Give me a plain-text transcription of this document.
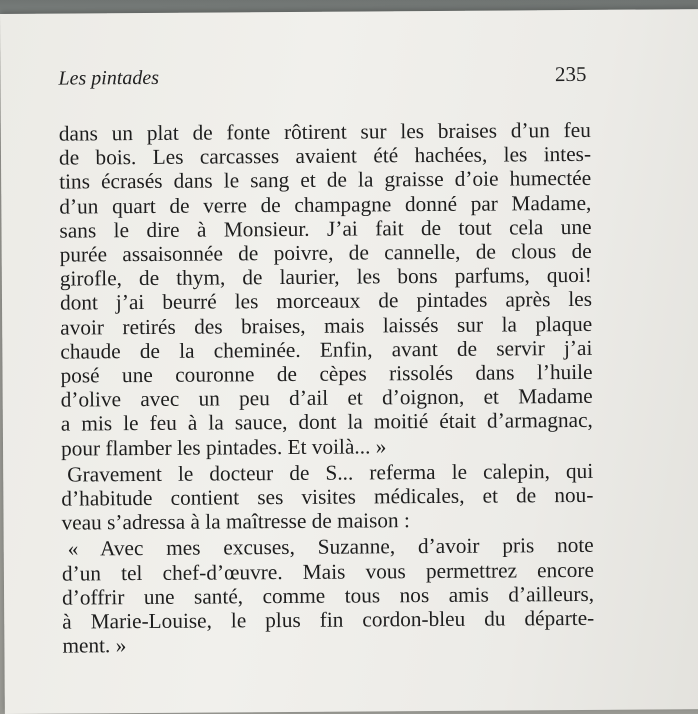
Les pintades	235

dans un plat de fonte rôtirent sur les braises d’un feu
de bois. Les carcasses avaient été hachées, les intes-
tins écrasés dans le sang et de la graisse d’oie humectée
d’un quart de verre de champagne donné par Madame,
sans le dire à Monsieur. J’ai fait de tout cela une
purée assaisonnée de poivre, de cannelle, de clous de
girofle, de thym, de laurier, les bons parfums, quoi!
dont j’ai beurré les morceaux de pintades après les
avoir retirés des braises, mais laissés sur la plaque
chaude de la cheminée. Enfin, avant de servir j’ai
posé une couronne de cèpes rissolés dans l’huile
d’olive avec un peu d’ail et d’oignon, et Madame
a mis le feu à la sauce, dont la moitié était d’armagnac,
pour flamber les pintades. Et voilà... »

Gravement le docteur de S... referma le calepin, qui
d’habitude contient ses visites médicales, et de nou-
veau s’adressa à la maîtresse de maison :

« Avec mes excuses, Suzanne, d’avoir pris note
d’un tel chef-d’œuvre. Mais vous permettrez encore
d’offrir une santé, comme tous nos amis d’ailleurs,
à Marie-Louise, le plus fin cordon-bleu du départe-
ment. »
